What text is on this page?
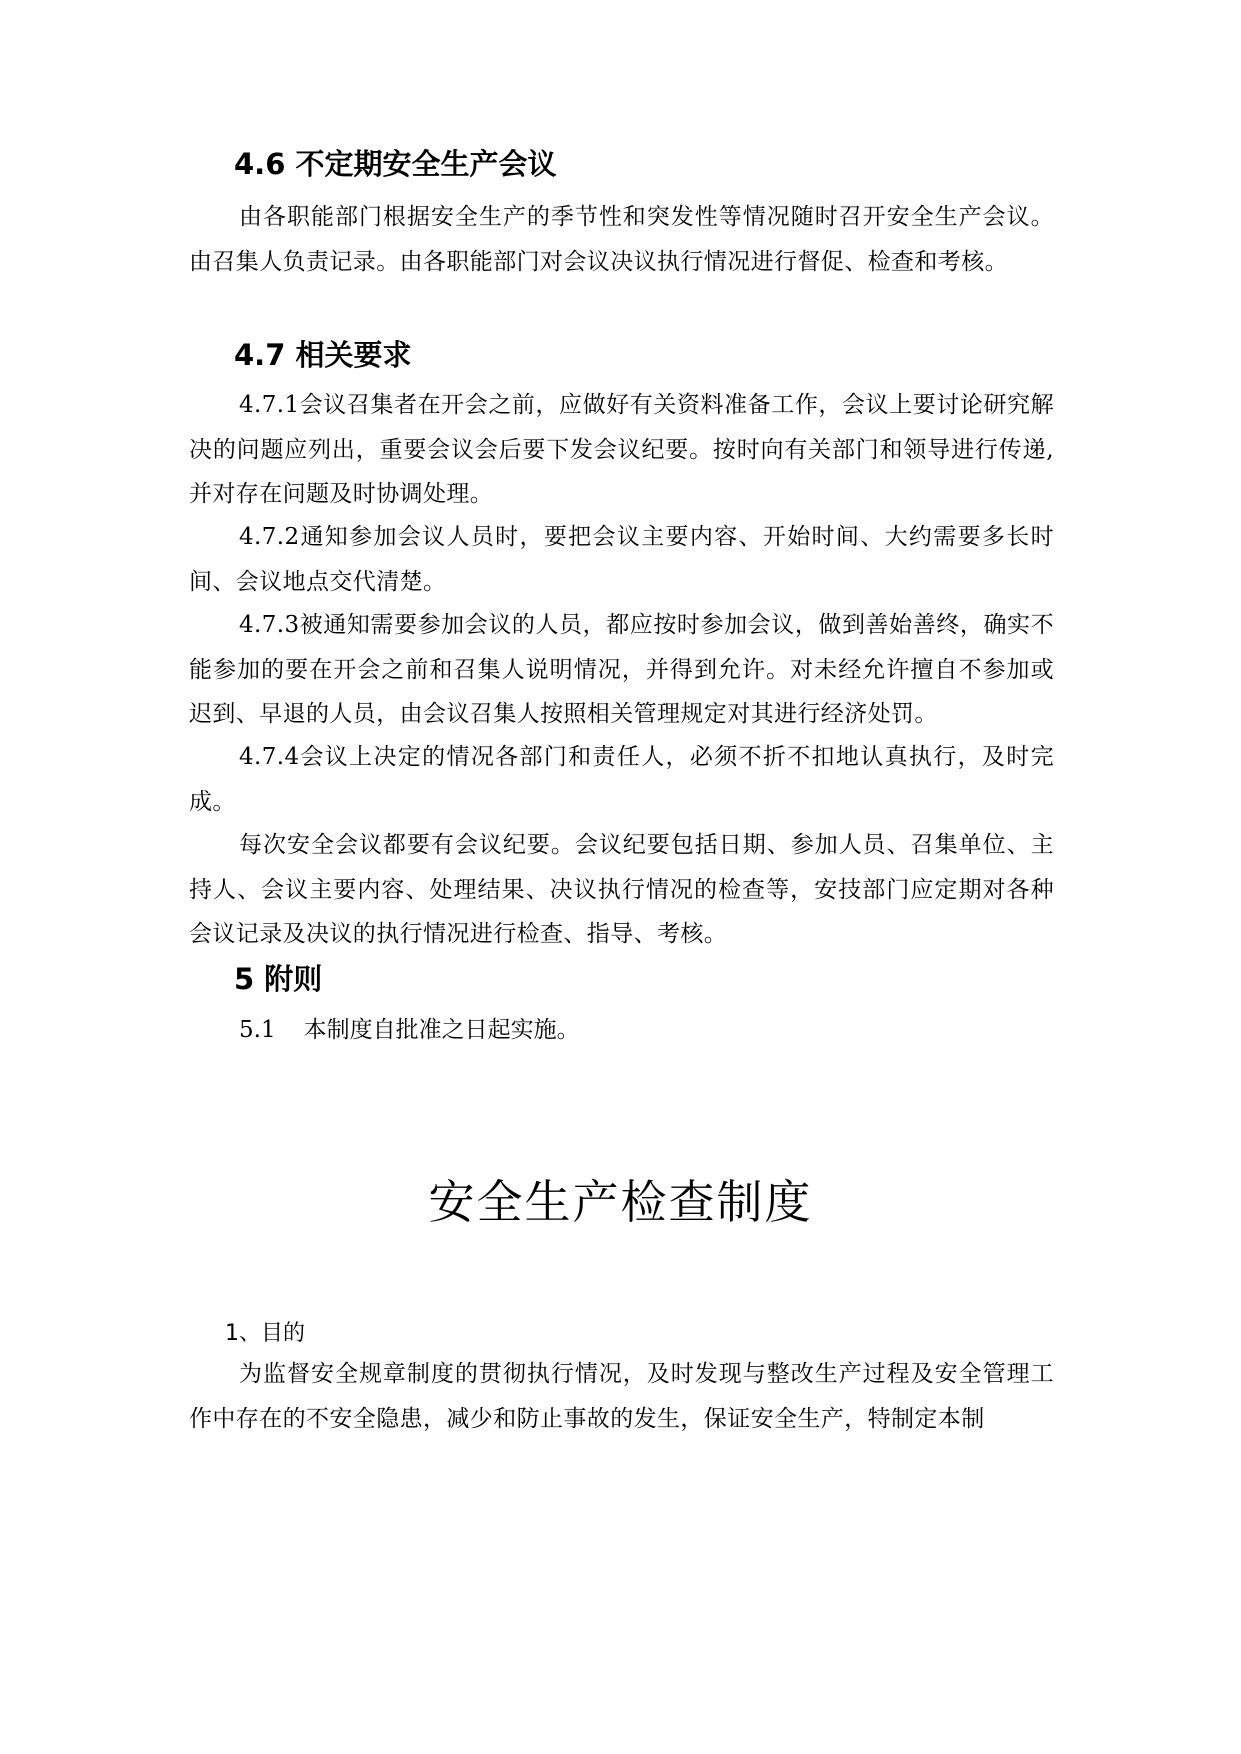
4.6 不定期安全生产会议
由各职能部门根据安全生产的季节性和突发性等情况随时召开安全生产会议。由召集人负责记录。由各职能部门对会议决议执行情况进行督促、检查和考核。
4.7 相关要求
4.7.1会议召集者在开会之前，应做好有关资料准备工作，会议上要讨论研究解决的问题应列出，重要会议会后要下发会议纪要。按时向有关部门和领导进行传递,并对存在问题及时协调处理。
4.7.2通知参加会议人员时，要把会议主要内容、开始时间、大约需要多长时间、会议地点交代清楚。
4.7.3被通知需要参加会议的人员，都应按时参加会议，做到善始善终，确实不能参加的要在开会之前和召集人说明情况，并得到允许。对未经允许擅自不参加或迟到、早退的人员，由会议召集人按照相关管理规定对其进行经济处罚。
4.7.4会议上决定的情况各部门和责任人，必须不折不扣地认真执行，及时完成。
每次安全会议都要有会议纪要。会议纪要包括日期、参加人员、召集单位、主持人、会议主要内容、处理结果、决议执行情况的检查等，安技部门应定期对各种会议记录及决议的执行情况进行检查、指导、考核。
5 附则
5.1 本制度自批准之日起实施。
1、目的
为监督安全规章制度的贯彻执行情况，及时发现与整改生产过程及安全管理工作中存在的不安全隐患，减少和防止事故的发生，保证安全生产，特制定本制
安全生产检查制度
